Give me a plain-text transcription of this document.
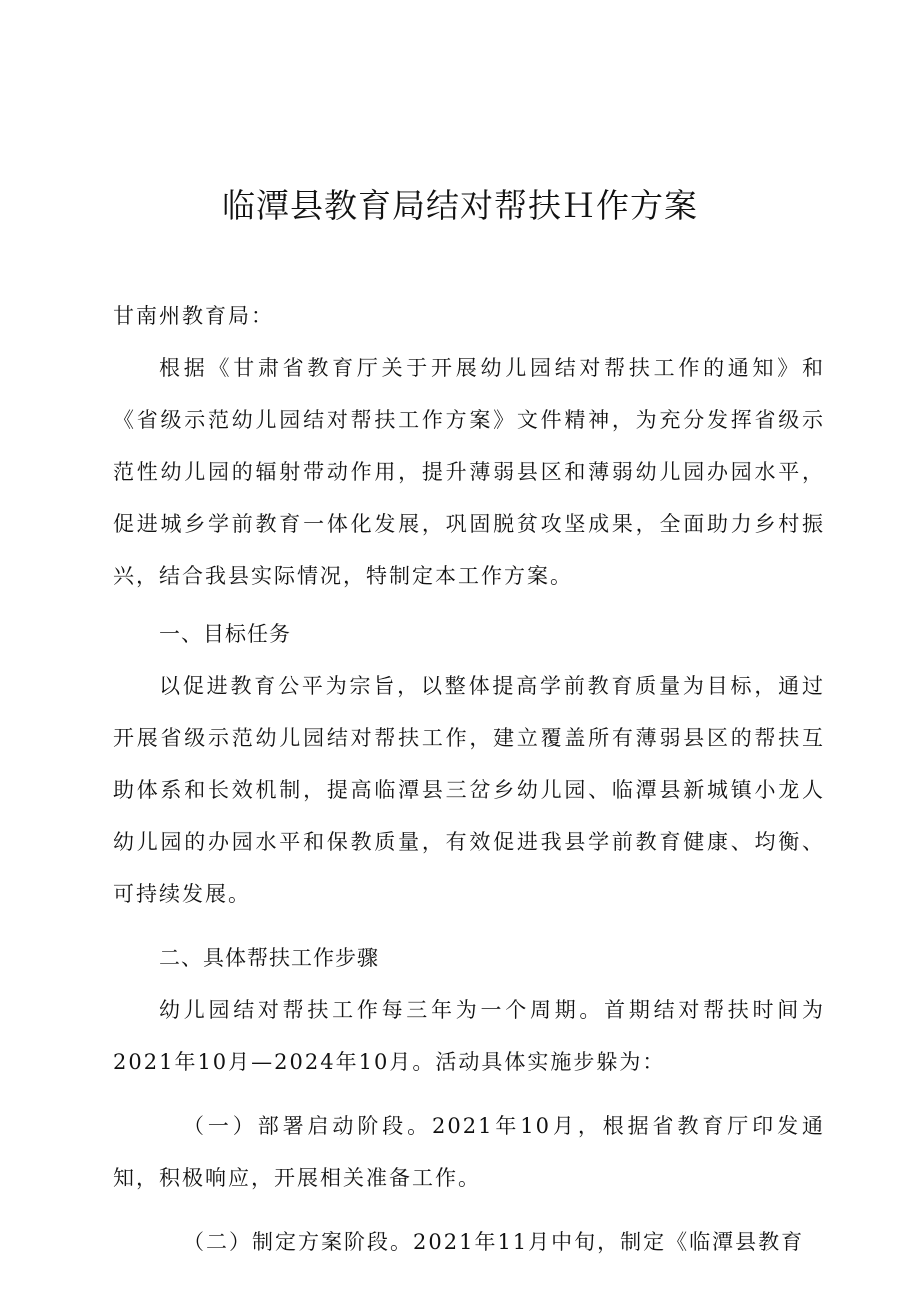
临潭县教育局结对帮扶Ｈ作方案

甘南州教育局：

根据《甘肃省教育厅关于开展幼儿园结对帮扶工作的通知》和《省级示范幼儿园结对帮扶工作方案》文件精神，为充分发挥省级示范性幼儿园的辐射带动作用，提升薄弱县区和薄弱幼儿园办园水平，促进城乡学前教育一体化发展，巩固脱贫攻坚成果，全面助力乡村振兴，结合我县实际情况，特制定本工作方案。

一、目标任务

以促进教育公平为宗旨，以整体提高学前教育质量为目标，通过开展省级示范幼儿园结对帮扶工作，建立覆盖所有薄弱县区的帮扶互助体系和长效机制，提高临潭县三岔乡幼儿园、临潭县新城镇小龙人幼儿园的办园水平和保教质量，有效促进我县学前教育健康、均衡、可持续发展。

二、具体帮扶工作步骤

幼儿园结对帮扶工作每三年为一个周期。首期结对帮扶时间为2021年10月—2024年10月。活动具体实施步躲为：

（一）部署启动阶段。2021年10月，根据省教育厅印发通知，积极响应，开展相关准备工作。

（二）制定方案阶段。2021年11月中旬，制定《临潭县教育
